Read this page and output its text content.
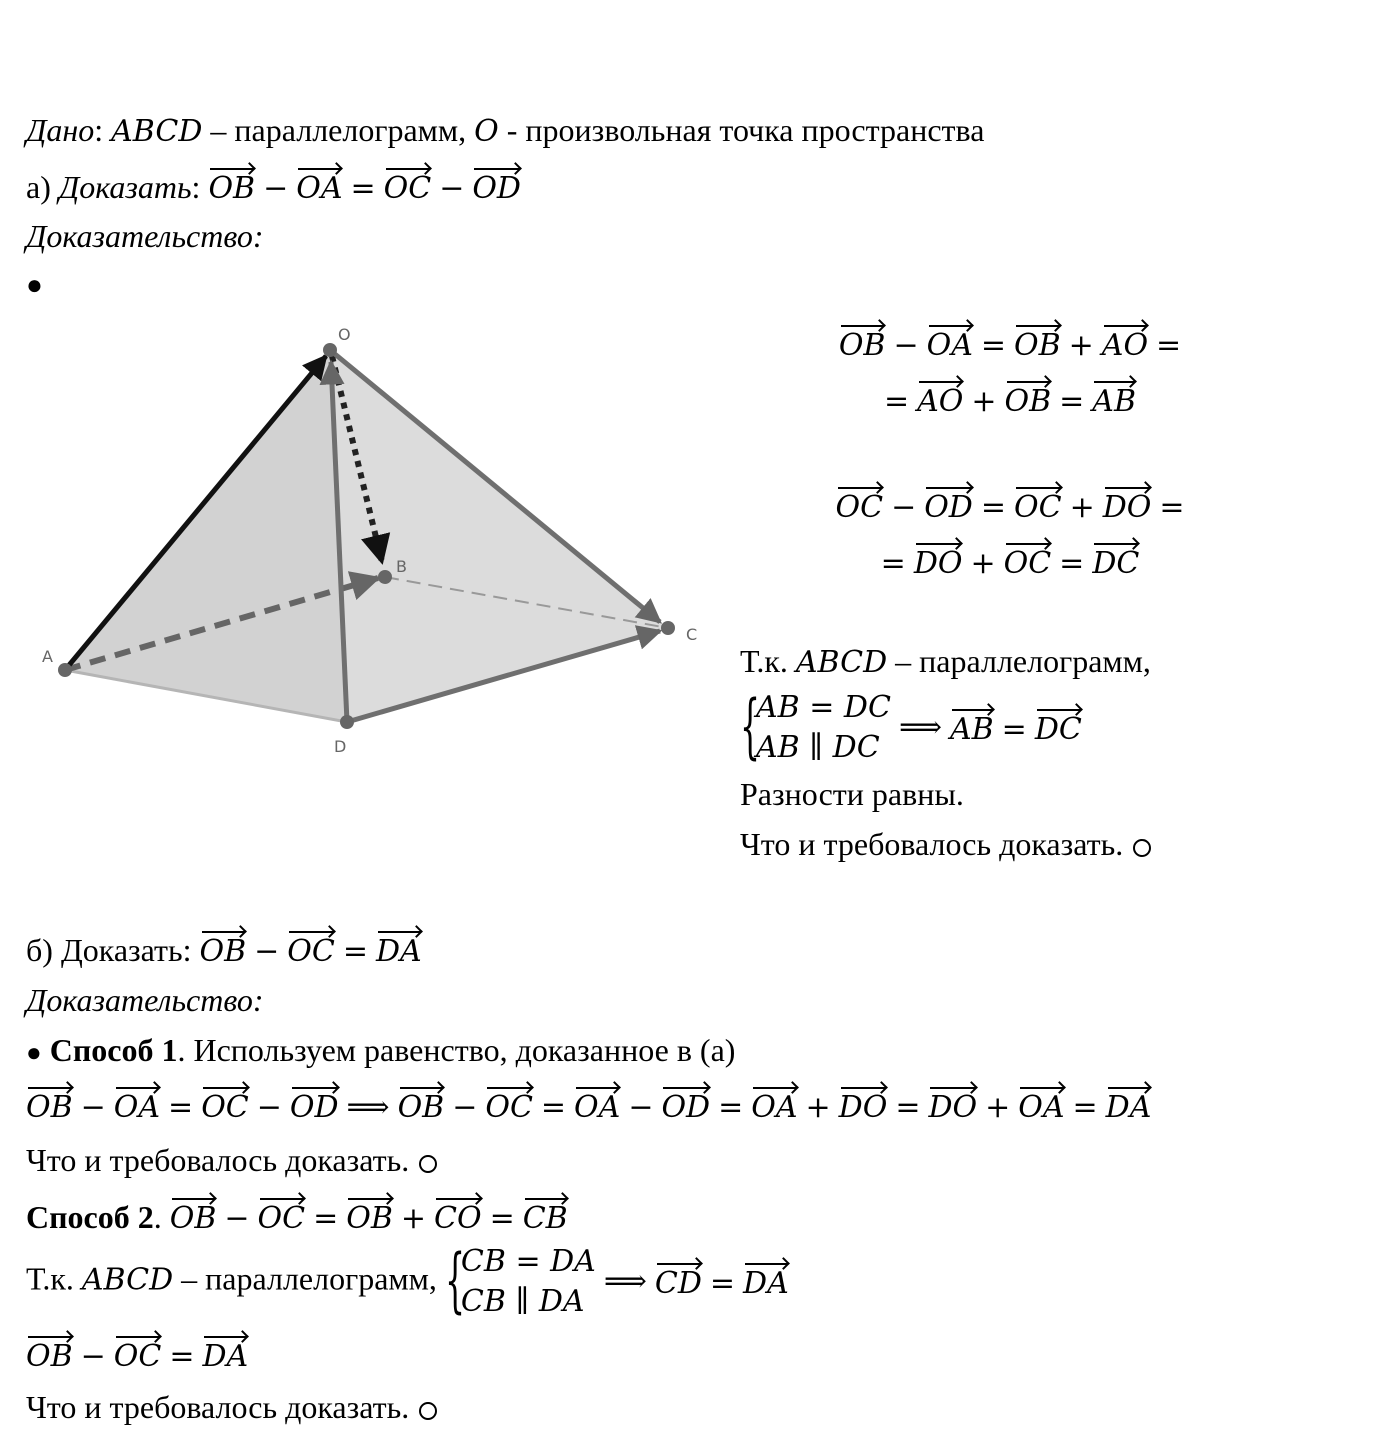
Дано: ABCD – параллелограмм, O - произвольная точка пространства
а) Доказать: OB − OA = OC − OD
Доказательство:
●
O
A
B
C
D
OB − OA = OB + AO =
= AO + OB = AB
OC − OD = OC + DO =
= DO + OC = DC
Т.к. ABCD – параллелограмм,
{
AB = DC
AB ∥ DC
⟹ AB = DC
Разности равны.
Что и требовалось доказать.
б) Доказать: OB − OC = DA
Доказательство:
● Способ 1. Используем равенство, доказанное в (а)
OB − OA = OC − OD ⟹ OB − OC = OA − OD = OA + DO = DO + OA = DA
Что и требовалось доказать.
Способ 2. OB − OC = OB + CO = CB
Т.к. ABCD – параллелограмм, {
CB = DA
CB ∥ DA
⟹ CD = DA
OB − OC = DA
Что и требовалось доказать.
